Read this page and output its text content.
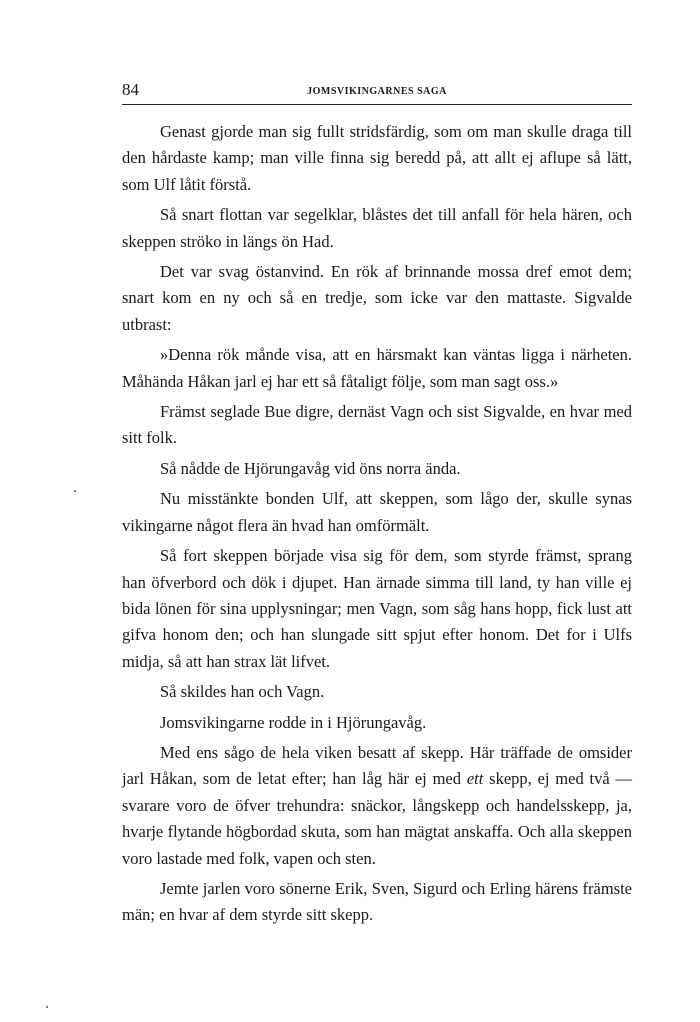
84	JOMSVIKINGARNES SAGA

Genast gjorde man sig fullt stridsfärdig, som om man skulle draga till den hårdaste kamp; man ville finna sig beredd på, att allt ej aflupe så lätt, som Ulf låtit förstå.

Så snart flottan var segelklar, blåstes det till anfall för hela hären, och skeppen ströko in längs ön Had.

Det var svag östanvind. En rök af brinnande mossa dref emot dem; snart kom en ny och så en tredje, som icke var den mattaste. Sigvalde utbrast:

»Denna rök månde visa, att en härsmakt kan väntas ligga i närheten. Måhända Håkan jarl ej har ett så fåtaligt följe, som man sagt oss.»

Främst seglade Bue digre, dernäst Vagn och sist Sigvalde, en hvar med sitt folk.

Så nådde de Hjörungavåg vid öns norra ända.

Nu misstänkte bonden Ulf, att skeppen, som lågo der, skulle synas vikingarne något flera än hvad han omförmält.

Så fort skeppen började visa sig för dem, som styrde främst, sprang han öfverbord och dök i djupet. Han ärnade simma till land, ty han ville ej bida lönen för sina upplysningar; men Vagn, som såg hans hopp, fick lust att gifva honom den; och han slungade sitt spjut efter honom. Det for i Ulfs midja, så att han strax lät lifvet.

Så skildes han och Vagn.

Jomsvikingarne rodde in i Hjörungavåg.

Med ens sågo de hela viken besatt af skepp. Här träffade de omsider jarl Håkan, som de letat efter; han låg här ej med ett skepp, ej med två — svarare voro de öfver trehundra: snäckor, långskepp och handelsskepp, ja, hvarje flytande högbordad skuta, som han mägtat anskaffa. Och alla skeppen voro lastade med folk, vapen och sten.

Jemte jarlen voro sönerne Erik, Sven, Sigurd och Erling härens främste män; en hvar af dem styrde sitt skepp.
